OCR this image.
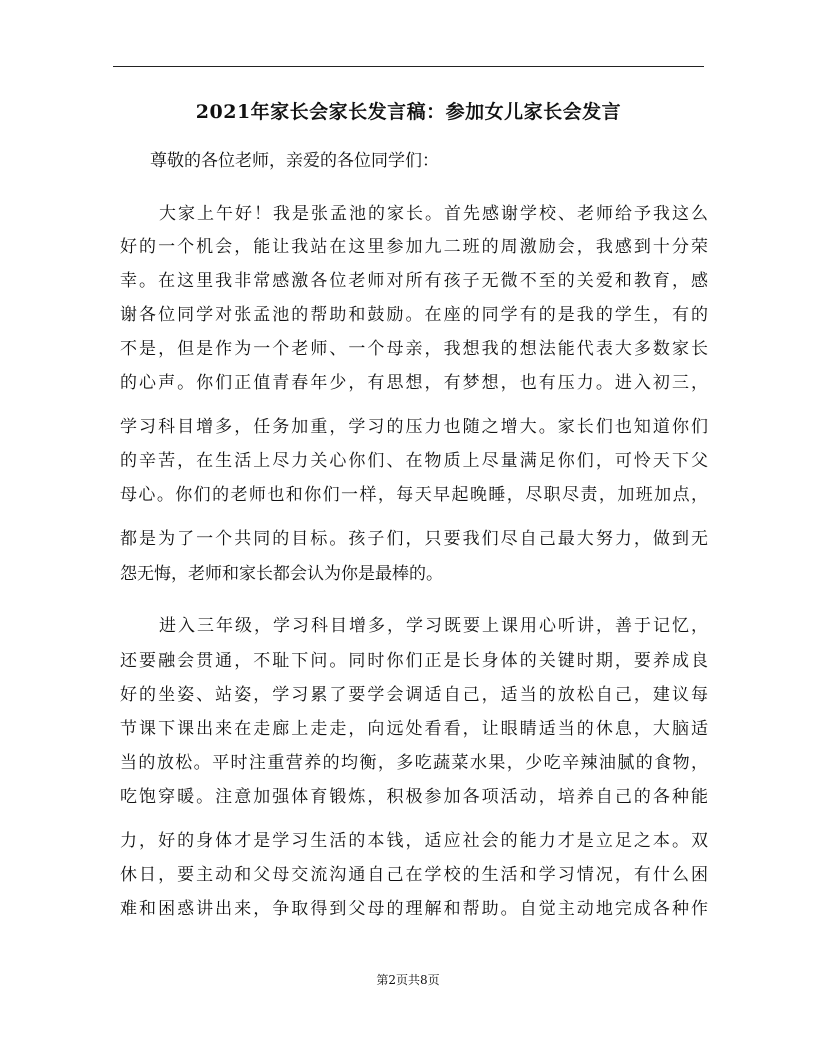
2021年家长会家长发言稿：参加女儿家长会发言
尊敬的各位老师，亲爱的各位同学们：
大家上午好！我是张孟池的家长。首先感谢学校、老师给予我这么
好的一个机会，能让我站在这里参加九二班的周激励会，我感到十分荣
幸。在这里我非常感激各位老师对所有孩子无微不至的关爱和教育，感
谢各位同学对张孟池的帮助和鼓励。在座的同学有的是我的学生，有的
不是，但是作为一个老师、一个母亲，我想我的想法能代表大多数家长
的心声。你们正值青春年少，有思想，有梦想，也有压力。进入初三，
学习科目增多，任务加重，学习的压力也随之增大。家长们也知道你们
的辛苦，在生活上尽力关心你们、在物质上尽量满足你们，可怜天下父
母心。你们的老师也和你们一样，每天早起晚睡，尽职尽责，加班加点，
都是为了一个共同的目标。孩子们，只要我们尽自己最大努力，做到无
怨无悔，老师和家长都会认为你是最棒的。
进入三年级，学习科目增多，学习既要上课用心听讲，善于记忆，
还要融会贯通，不耻下问。同时你们正是长身体的关键时期，要养成良
好的坐姿、站姿，学习累了要学会调适自己，适当的放松自己，建议每
节课下课出来在走廊上走走，向远处看看，让眼睛适当的休息，大脑适
当的放松。平时注重营养的均衡，多吃蔬菜水果，少吃辛辣油腻的食物，
吃饱穿暖。注意加强体育锻炼，积极参加各项活动，培养自己的各种能
力，好的身体才是学习生活的本钱，适应社会的能力才是立足之本。双
休日，要主动和父母交流沟通自己在学校的生活和学习情况，有什么困
难和困惑讲出来，争取得到父母的理解和帮助。自觉主动地完成各种作
第2页共8页
